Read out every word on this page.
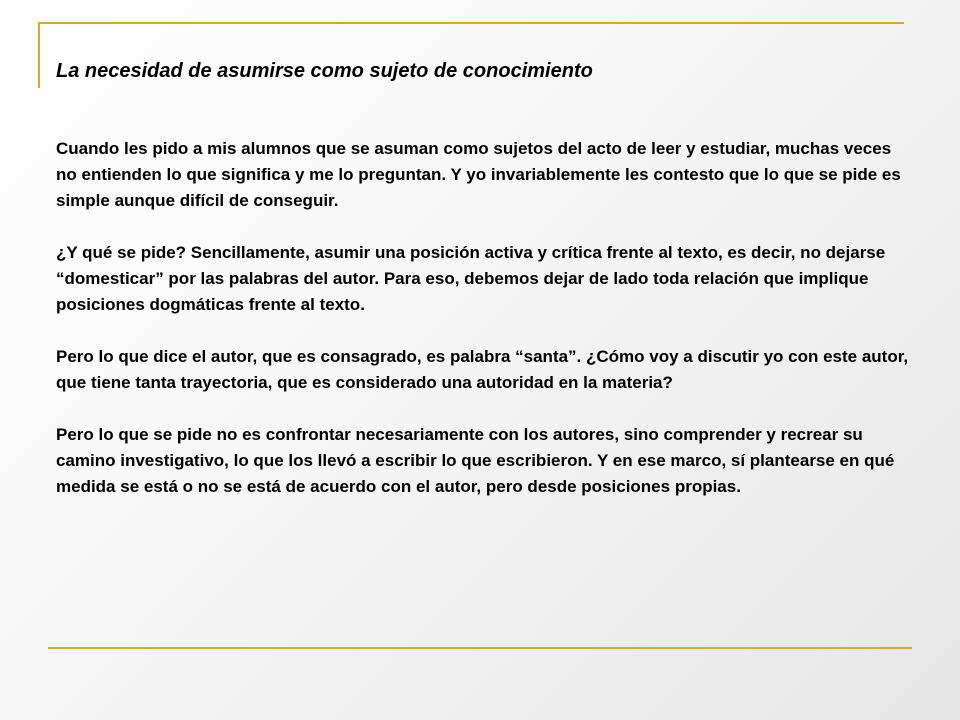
La necesidad de asumirse como sujeto de conocimiento

Cuando les pido a mis alumnos que se asuman como sujetos del acto de leer y estudiar, muchas veces no entienden lo que significa y me lo preguntan. Y yo invariablemente les contesto que lo que se pide es simple aunque difícil de conseguir.

¿Y qué se pide? Sencillamente, asumir una posición activa y crítica frente al texto, es decir, no dejarse “domesticar” por las palabras del autor. Para eso, debemos dejar de lado toda relación que implique posiciones dogmáticas frente al texto.

Pero lo que dice el autor, que es consagrado, es palabra “santa”. ¿Cómo voy a discutir yo con este autor, que tiene tanta trayectoria, que es considerado una autoridad en la materia?

Pero lo que se pide no es confrontar necesariamente con los autores, sino comprender y recrear su camino investigativo, lo que los llevó a escribir lo que escribieron. Y en ese marco, sí plantearse en qué medida se está o no se está de acuerdo con el autor, pero desde posiciones propias.
